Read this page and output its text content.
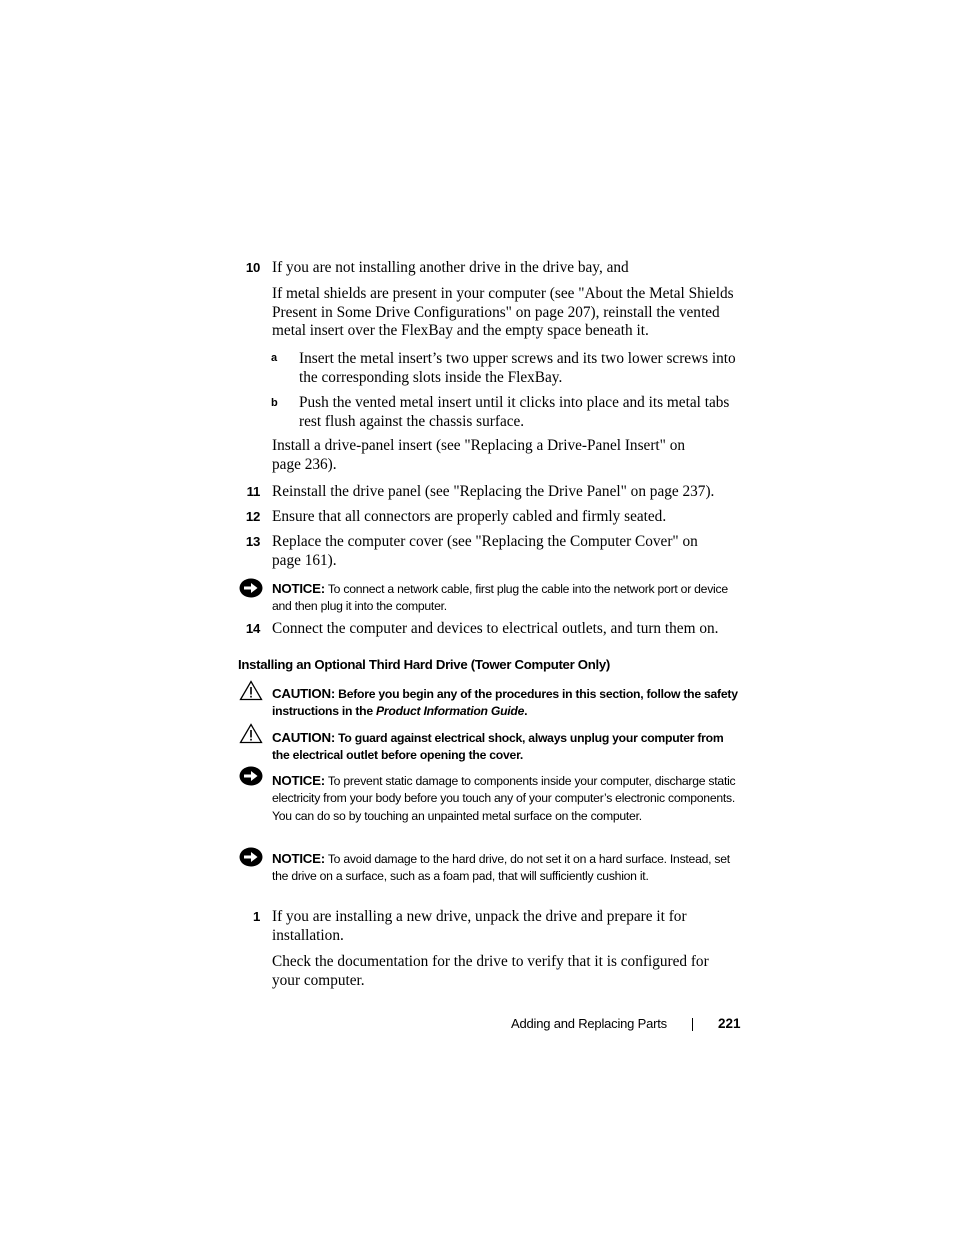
10 If you are not installing another drive in the drive bay, and

If metal shields are present in your computer (see "About the Metal Shields Present in Some Drive Configurations" on page 207), reinstall the vented metal insert over the FlexBay and the empty space beneath it.

a Insert the metal insert’s two upper screws and its two lower screws into the corresponding slots inside the FlexBay.

b Push the vented metal insert until it clicks into place and its metal tabs rest flush against the chassis surface.

Install a drive-panel insert (see "Replacing a Drive-Panel Insert" on page 236).

11 Reinstall the drive panel (see "Replacing the Drive Panel" on page 237).

12 Ensure that all connectors are properly cabled and firmly seated.

13 Replace the computer cover (see "Replacing the Computer Cover" on page 161).

NOTICE: To connect a network cable, first plug the cable into the network port or device and then plug it into the computer.

14 Connect the computer and devices to electrical outlets, and turn them on.

Installing an Optional Third Hard Drive (Tower Computer Only)

CAUTION: Before you begin any of the procedures in this section, follow the safety instructions in the Product Information Guide.

CAUTION: To guard against electrical shock, always unplug your computer from the electrical outlet before opening the cover.

NOTICE: To prevent static damage to components inside your computer, discharge static electricity from your body before you touch any of your computer’s electronic components. You can do so by touching an unpainted metal surface on the computer.

NOTICE: To avoid damage to the hard drive, do not set it on a hard surface. Instead, set the drive on a surface, such as a foam pad, that will sufficiently cushion it.

1 If you are installing a new drive, unpack the drive and prepare it for installation.

Check the documentation for the drive to verify that it is configured for your computer.

Adding and Replacing Parts	221
